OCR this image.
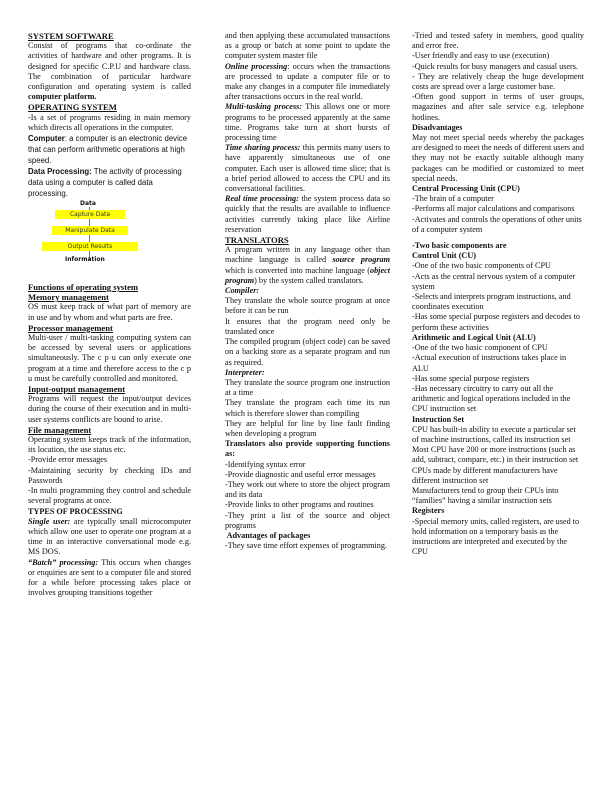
SYSTEM SOFTWARE

Consist of programs that co-ordinate the activities of hardware and other programs. It is designed for specific C.P.U and hardware class. The combination of particular hardware configuration and operating system is called computer platform.

OPERATING SYSTEM

-Is a set of programs residing in main memory which directs all operations in the computer.

Computer: a computer is an electronic device that can perform arithmetic operations at high speed.

Data Processing: The activity of processing data using a computer is called data processing.

Data
Capture Data
Manipulate Data
Output Results
Information

Functions of operating system

Memory management

OS must keep track of what part of memory are in use and by whom and what parts are free.

Processor management

Multi-user / multi-tasking computing system can be accessed by several users or applications simultaneously. The c p u can only execute one program at a time and therefore access to the c p u must be carefully controlled and monitored.

Input-output management

Programs will request the input/output devices during the course of their execution and in multi-user systems conflicts are bound to arise.

File management

Operating system keeps track of the information, its location, the use status etc.

-Provide error messages

-Maintaining security by checking IDs and Passwords

-In multi programming they control and schedule several programs at once.

TYPES OF PROCESSING

Single user: are typically small microcomputer which allow one user to operate one program at a time in an interactive conversational mode e.g. MS DOS.

“Batch” processing: This occurs when changes or enquiries are sent to a computer file and stored for a while before processing takes place or involves grouping transitions together

and then applying these accumulated transactions as a group or batch at some point to update the computer system master file

Online processing: occurs when the transactions are processed to update a computer file or to make any changes in a computer file immediately after transactions occurs in the real world.

Multi-tasking process: This allows one or more programs to be processed apparently at the same time. Programs take turn at short bursts of processing time

Time sharing process: this permits many users to have apparently simultaneous use of one computer. Each user is allowed time slice; that is a brief period allowed to access the CPU and its conversational facilities.

Real time processing: the system process data so quickly that the results are available to influence activities currently taking place like Airline reservation

TRANSLATORS

A program written in any language other than machine language is called source program which is converted into machine language (object program) by the system called translators.

Compiler:

They translate the whole source program at once before it can be run

It ensures that the program need only be translated once

The compiled program (object code) can be saved on a backing store as a separate program and run as required.

Interpreter:

They translate the source program one instruction at a time

They translate the program each time its run which is therefore slower than compiling

They are helpful for line by line fault finding when developing a program

Translators also provide supporting functions as:

-Identifying syntax error

-Provide diagnostic and useful error messages

-They work out where to store the object program and its data

-Provide links to other programs and routines

-They print a list of the source and object programs

Advantages of packages

-They save time effort expenses of programming.

-Tried and tested safety in members, good quality and error free.

-User friendly and easy to use (execution)

-Quick results for busy managers and casual users.

- They are relatively cheap the huge development costs are spread over a large customer base.

-Often good support in terms of user groups, magazines and after sale service e.g. telephone hotlines.

Disadvantages

May not meet special needs whereby the packages are designed to meet the needs of different users and they may not be exactly suitable although many packages can be modified or customized to meet special needs.

Central Processing Unit (CPU)

-The brain of a computer

-Performs all major calculations and comparisons

-Activates and controls the operations of other units of a computer system

-Two basic components are

Control Unit (CU)

-One of the two basic components of CPU

-Acts as the central nervous system of a computer system

-Selects and interprets program instructions, and coordinates execution

-Has some special purpose registers and decodes to perform these activities

Arithmetic and Logical Unit (ALU)

-One of the two basic component of CPU

-Actual execution of instructions takes place in ALU

-Has some special purpose registers

-Has necessary circuitry to carry out all the arithmetic and logical operations included in the CPU instruction set

Instruction Set

CPU has built-in ability to execute a particular set of machine instructions, called its instruction set

Most CPU have 200 or more instructions (such as add, subtract, compare, etc.) in their instruction set

CPUs made by different manufacturers have different instruction set

Manufacturers tend to group their CPUs into “families” having a similar instruction sets

Registers

-Special memory units, called registers, are used to hold information on a temporary basis as the instructions are interpreted and executed by the CPU
